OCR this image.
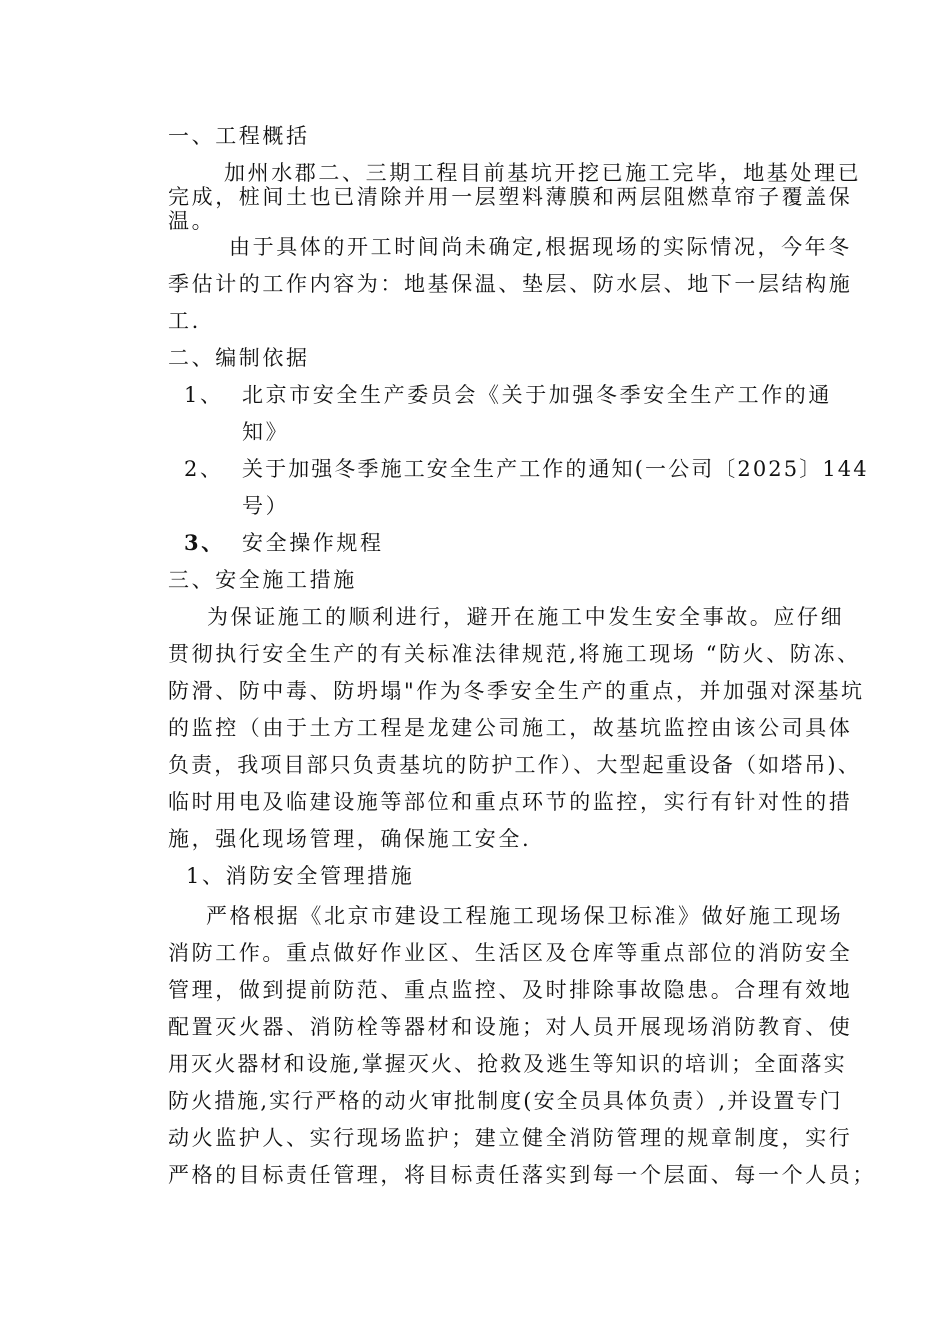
一、工程概括
加州水郡二、三期工程目前基坑开挖已施工完毕，地基处理已
完成，桩间土也已清除并用一层塑料薄膜和两层阻燃草帘子覆盖保
温。
由于具体的开工时间尚未确定,根据现场的实际情况，今年冬
季估计的工作内容为：地基保温、垫层、防水层、地下一层结构施
工.
二、编制依据
1、 北京市安全生产委员会《关于加强冬季安全生产工作的通
知》
2、 关于加强冬季施工安全生产工作的通知(一公司〔2025〕144
号）
3、 安全操作规程
三、安全施工措施
为保证施工的顺利进行，避开在施工中发生安全事故。应仔细
贯彻执行安全生产的有关标准法律规范,将施工现场 “防火、防冻、
防滑、防中毒、防坍塌"作为冬季安全生产的重点，并加强对深基坑
的监控（由于土方工程是龙建公司施工，故基坑监控由该公司具体
负责，我项目部只负责基坑的防护工作）、大型起重设备（如塔吊)、
临时用电及临建设施等部位和重点环节的监控，实行有针对性的措
施，强化现场管理，确保施工安全.
1、消防安全管理措施
严格根据《北京市建设工程施工现场保卫标准》做好施工现场
消防工作。重点做好作业区、生活区及仓库等重点部位的消防安全
管理，做到提前防范、重点监控、及时排除事故隐患。合理有效地
配置灭火器、消防栓等器材和设施；对人员开展现场消防教育、使
用灭火器材和设施,掌握灭火、抢救及逃生等知识的培训；全面落实
防火措施,实行严格的动火审批制度(安全员具体负责）,并设置专门
动火监护人、实行现场监护；建立健全消防管理的规章制度，实行
严格的目标责任管理，将目标责任落实到每一个层面、每一个人员；
